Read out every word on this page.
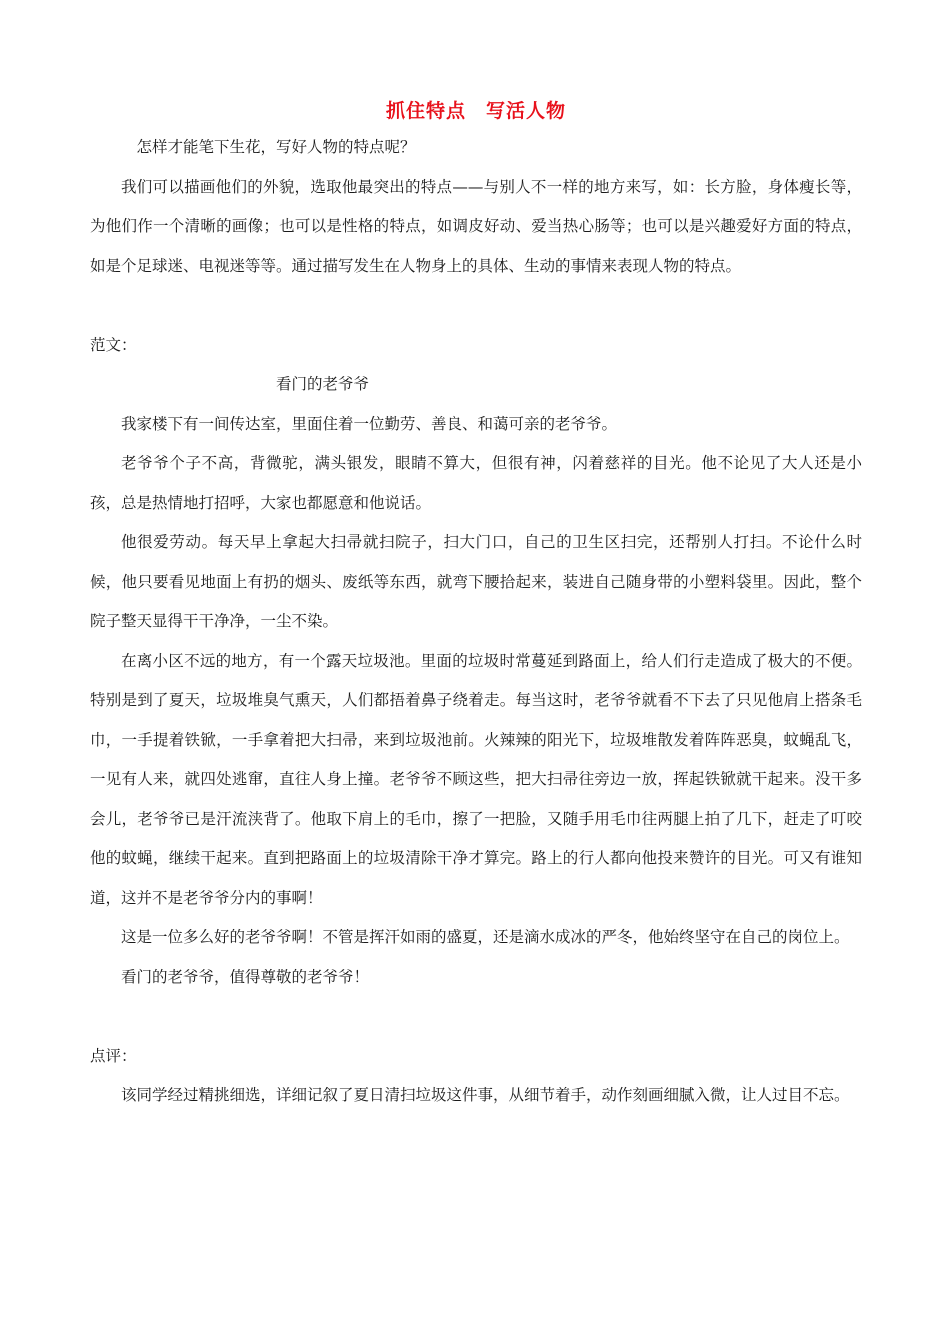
抓住特点　写活人物

怎样才能笔下生花，写好人物的特点呢？

我们可以描画他们的外貌，选取他最突出的特点——与别人不一样的地方来写，如：长方脸，身体瘦长等，为他们作一个清晰的画像；也可以是性格的特点，如调皮好动、爱当热心肠等；也可以是兴趣爱好方面的特点，如是个足球迷、电视迷等等。通过描写发生在人物身上的具体、生动的事情来表现人物的特点。

范文：

看门的老爷爷

我家楼下有一间传达室，里面住着一位勤劳、善良、和蔼可亲的老爷爷。

老爷爷个子不高，背微驼，满头银发，眼睛不算大，但很有神，闪着慈祥的目光。他不论见了大人还是小孩，总是热情地打招呼，大家也都愿意和他说话。

他很爱劳动。每天早上拿起大扫帚就扫院子，扫大门口，自己的卫生区扫完，还帮别人打扫。不论什么时候，他只要看见地面上有扔的烟头、废纸等东西，就弯下腰拾起来，装进自己随身带的小塑料袋里。因此，整个院子整天显得干干净净，一尘不染。

在离小区不远的地方，有一个露天垃圾池。里面的垃圾时常蔓延到路面上，给人们行走造成了极大的不便。特别是到了夏天，垃圾堆臭气熏天，人们都捂着鼻子绕着走。每当这时，老爷爷就看不下去了只见他肩上搭条毛巾，一手提着铁锨，一手拿着把大扫帚，来到垃圾池前。火辣辣的阳光下，垃圾堆散发着阵阵恶臭，蚊蝇乱飞，一见有人来，就四处逃窜，直往人身上撞。老爷爷不顾这些，把大扫帚往旁边一放，挥起铁锨就干起来。没干多会儿，老爷爷已是汗流浃背了。他取下肩上的毛巾，擦了一把脸，又随手用毛巾往两腿上拍了几下，赶走了叮咬他的蚊蝇，继续干起来。直到把路面上的垃圾清除干净才算完。路上的行人都向他投来赞许的目光。可又有谁知道，这并不是老爷爷分内的事啊！

这是一位多么好的老爷爷啊！不管是挥汗如雨的盛夏，还是滴水成冰的严冬，他始终坚守在自己的岗位上。

看门的老爷爷，值得尊敬的老爷爷！

点评：

该同学经过精挑细选，详细记叙了夏日清扫垃圾这件事，从细节着手，动作刻画细腻入微，让人过目不忘。
